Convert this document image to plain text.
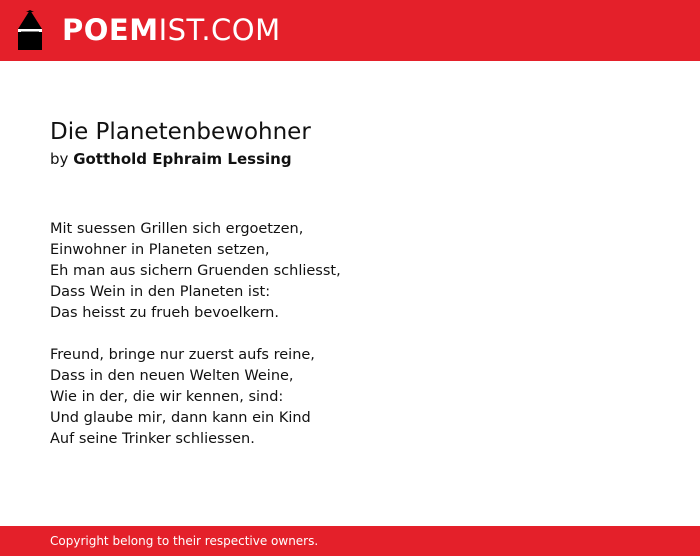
POEMIST.COM
Die Planetenbewohner
by Gotthold Ephraim Lessing
Mit suessen Grillen sich ergoetzen,
Einwohner in Planeten setzen,
Eh man aus sichern Gruenden schliesst,
Dass Wein in den Planeten ist:
Das heisst zu frueh bevoelkern.
Freund, bringe nur zuerst aufs reine,
Dass in den neuen Welten Weine,
Wie in der, die wir kennen, sind:
Und glaube mir, dann kann ein Kind
Auf seine Trinker schliessen.
Copyright belong to their respective owners.
